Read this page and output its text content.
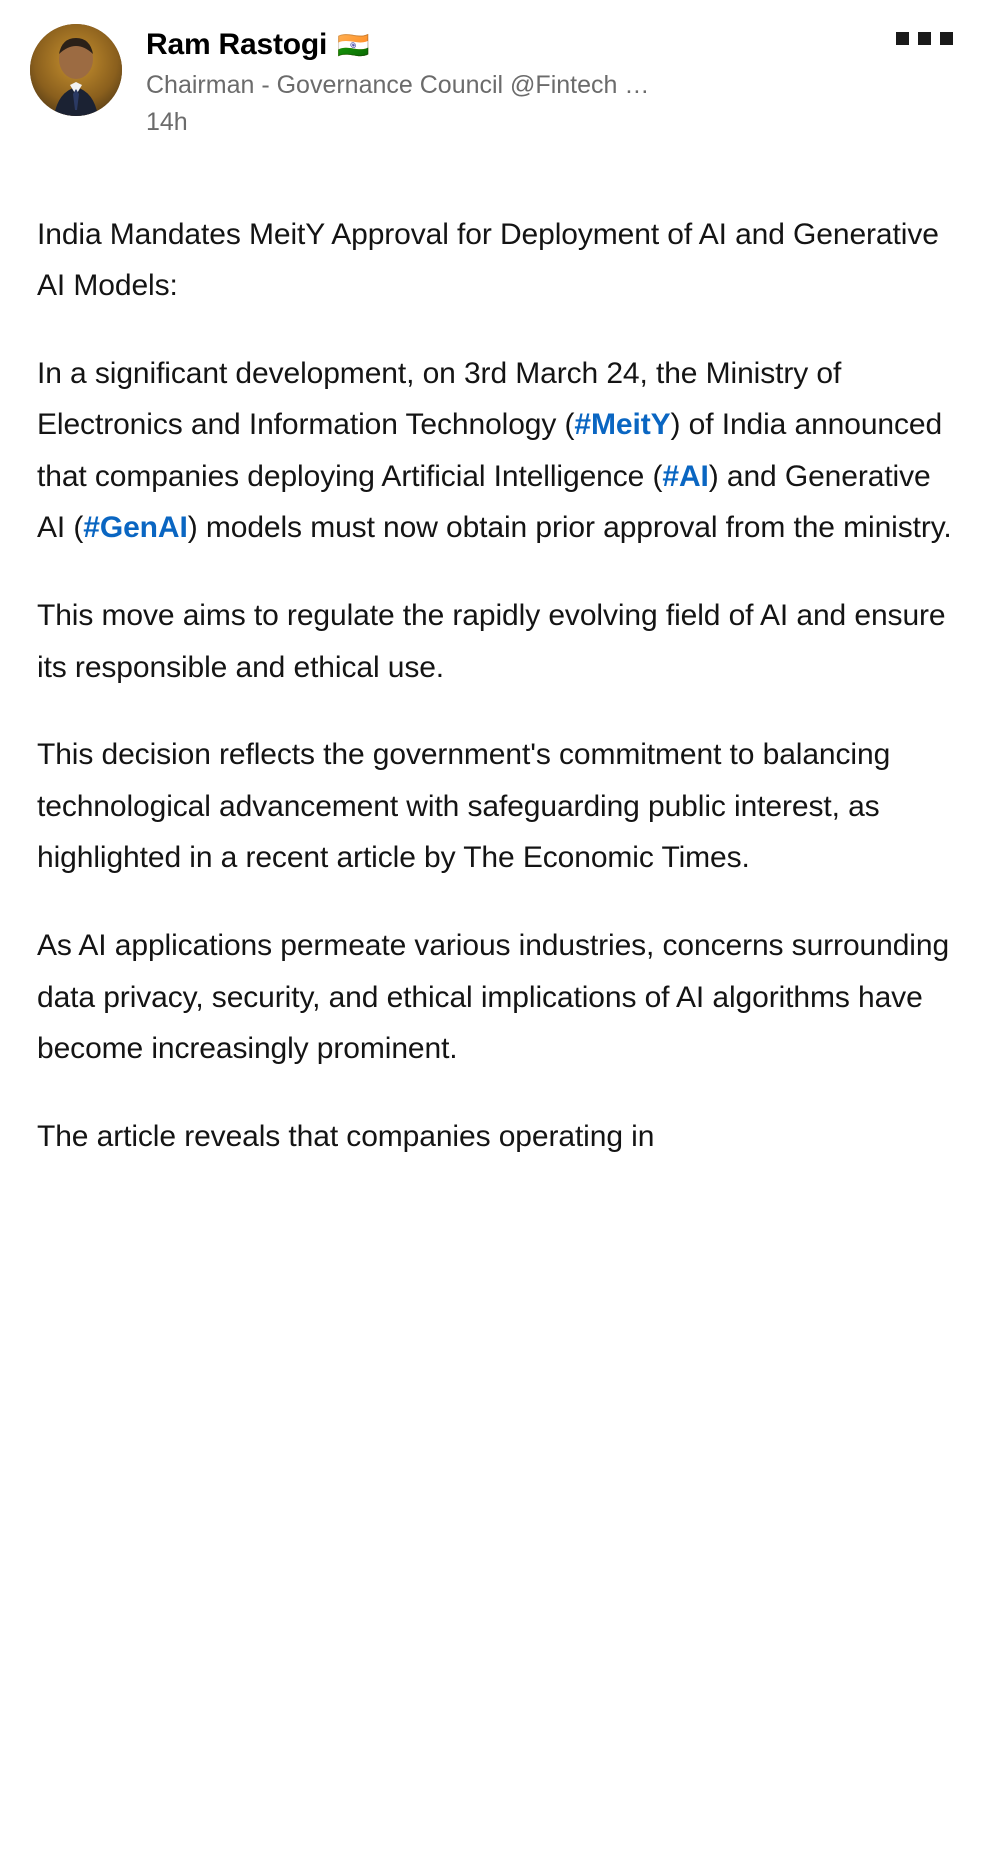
Ram Rastogi 🇮🇳
Chairman - Governance Council @Fintech …
14h

India Mandates MeitY Approval for Deployment of AI and Generative AI Models:

In a significant development, on 3rd March 24, the Ministry of Electronics and Information Technology (#MeitY) of India announced that companies deploying Artificial Intelligence (#AI) and Generative AI (#GenAI) models must now obtain prior approval from the ministry.

This move aims to regulate the rapidly evolving field of AI and ensure its responsible and ethical use.

This decision reflects the government's commitment to balancing technological advancement with safeguarding public interest, as highlighted in a recent article by The Economic Times.

As AI applications permeate various industries, concerns surrounding data privacy, security, and ethical implications of AI algorithms have become increasingly prominent.

The article reveals that companies operating in
